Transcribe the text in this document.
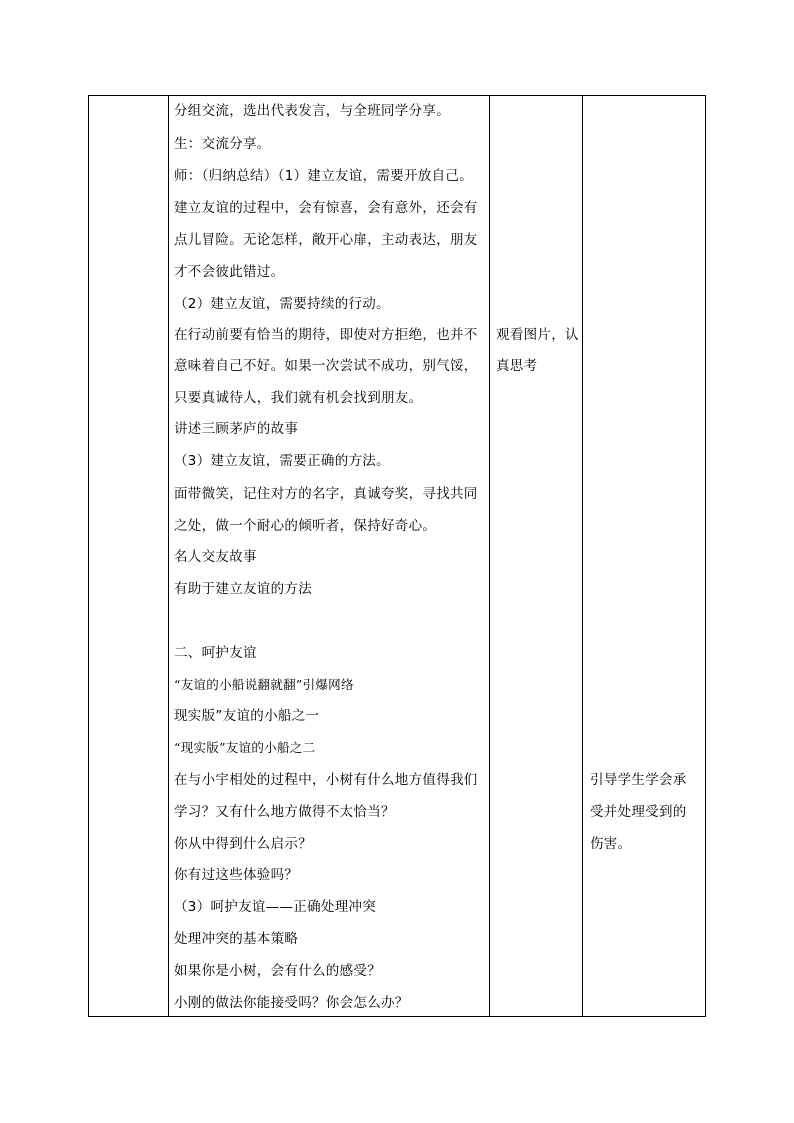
分组交流，选出代表发言，与全班同学分享。
生：交流分享。
师：（归纳总结）（1）建立友谊，需要开放自己。
建立友谊的过程中，会有惊喜，会有意外，还会有
点儿冒险。无论怎样，敞开心扉，主动表达，朋友
才不会彼此错过。
（2）建立友谊，需要持续的行动。
在行动前要有恰当的期待，即使对方拒绝，也并不
意味着自己不好。如果一次尝试不成功，别气馁，
只要真诚待人，我们就有机会找到朋友。
讲述三顾茅庐的故事
（3）建立友谊，需要正确的方法。
面带微笑，记住对方的名字，真诚夸奖，寻找共同
之处，做一个耐心的倾听者，保持好奇心。
名人交友故事
有助于建立友谊的方法
二、呵护友谊
“友谊的小船说翻就翻”引爆网络
现实版”友谊的小船之一
“现实版”友谊的小船之二
在与小宇相处的过程中，小树有什么地方值得我们
学习？又有什么地方做得不太恰当？
你从中得到什么启示？
你有过这些体验吗？
（3）呵护友谊——正确处理冲突
处理冲突的基本策略
如果你是小树，会有什么的感受？
小刚的做法你能接受吗？你会怎么办？
观看图片，认
真思考
引导学生学会承
受并处理受到的
伤害。
